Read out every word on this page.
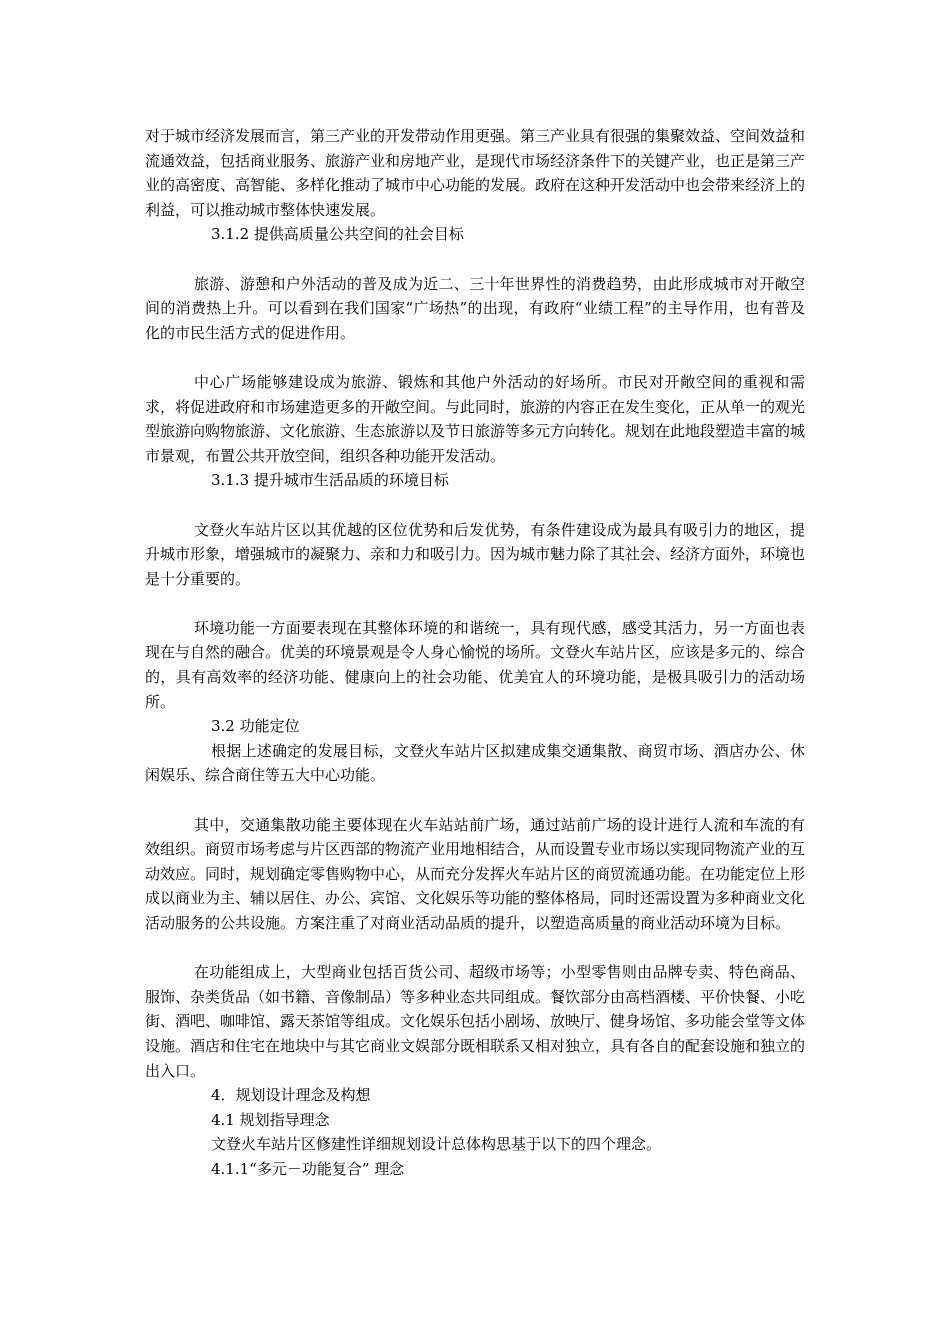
对于城市经济发展而言，第三产业的开发带动作用更强。第三产业具有很强的集聚效益、空间效益和流通效益，包括商业服务、旅游产业和房地产业，是现代市场经济条件下的关键产业，也正是第三产业的高密度、高智能、多样化推动了城市中心功能的发展。政府在这种开发活动中也会带来经济上的利益，可以推动城市整体快速发展。

3.1.2 提供高质量公共空间的社会目标

旅游、游憩和户外活动的普及成为近二、三十年世界性的消费趋势，由此形成城市对开敞空间的消费热上升。可以看到在我们国家“广场热”的出现，有政府“业绩工程”的主导作用，也有普及化的市民生活方式的促进作用。

中心广场能够建设成为旅游、锻炼和其他户外活动的好场所。市民对开敞空间的重视和需求，将促进政府和市场建造更多的开敞空间。与此同时，旅游的内容正在发生变化，正从单一的观光型旅游向购物旅游、文化旅游、生态旅游以及节日旅游等多元方向转化。规划在此地段塑造丰富的城市景观，布置公共开放空间，组织各种功能开发活动。

3.1.3 提升城市生活品质的环境目标

文登火车站片区以其优越的区位优势和后发优势，有条件建设成为最具有吸引力的地区，提升城市形象，增强城市的凝聚力、亲和力和吸引力。因为城市魅力除了其社会、经济方面外，环境也是十分重要的。

环境功能一方面要表现在其整体环境的和谐统一，具有现代感，感受其活力，另一方面也表现在与自然的融合。优美的环境景观是令人身心愉悦的场所。文登火车站片区，应该是多元的、综合的，具有高效率的经济功能、健康向上的社会功能、优美宜人的环境功能，是极具吸引力的活动场所。

3.2 功能定位

根据上述确定的发展目标，文登火车站片区拟建成集交通集散、商贸市场、酒店办公、休闲娱乐、综合商住等五大中心功能。

其中，交通集散功能主要体现在火车站站前广场，通过站前广场的设计进行人流和车流的有效组织。商贸市场考虑与片区西部的物流产业用地相结合，从而设置专业市场以实现同物流产业的互动效应。同时，规划确定零售购物中心，从而充分发挥火车站片区的商贸流通功能。在功能定位上形成以商业为主、辅以居住、办公、宾馆、文化娱乐等功能的整体格局，同时还需设置为多种商业文化活动服务的公共设施。方案注重了对商业活动品质的提升，以塑造高质量的商业活动环境为目标。

在功能组成上，大型商业包括百货公司、超级市场等；小型零售则由品牌专卖、特色商品、服饰、杂类货品（如书籍、音像制品）等多种业态共同组成。餐饮部分由高档酒楼、平价快餐、小吃街、酒吧、咖啡馆、露天茶馆等组成。文化娱乐包括小剧场、放映厅、健身场馆、多功能会堂等文体设施。酒店和住宅在地块中与其它商业文娱部分既相联系又相对独立，具有各自的配套设施和独立的出入口。

4．规划设计理念及构想

4.1 规划指导理念

文登火车站片区修建性详细规划设计总体构思基于以下的四个理念。

4.1.1“多元－功能复合” 理念
